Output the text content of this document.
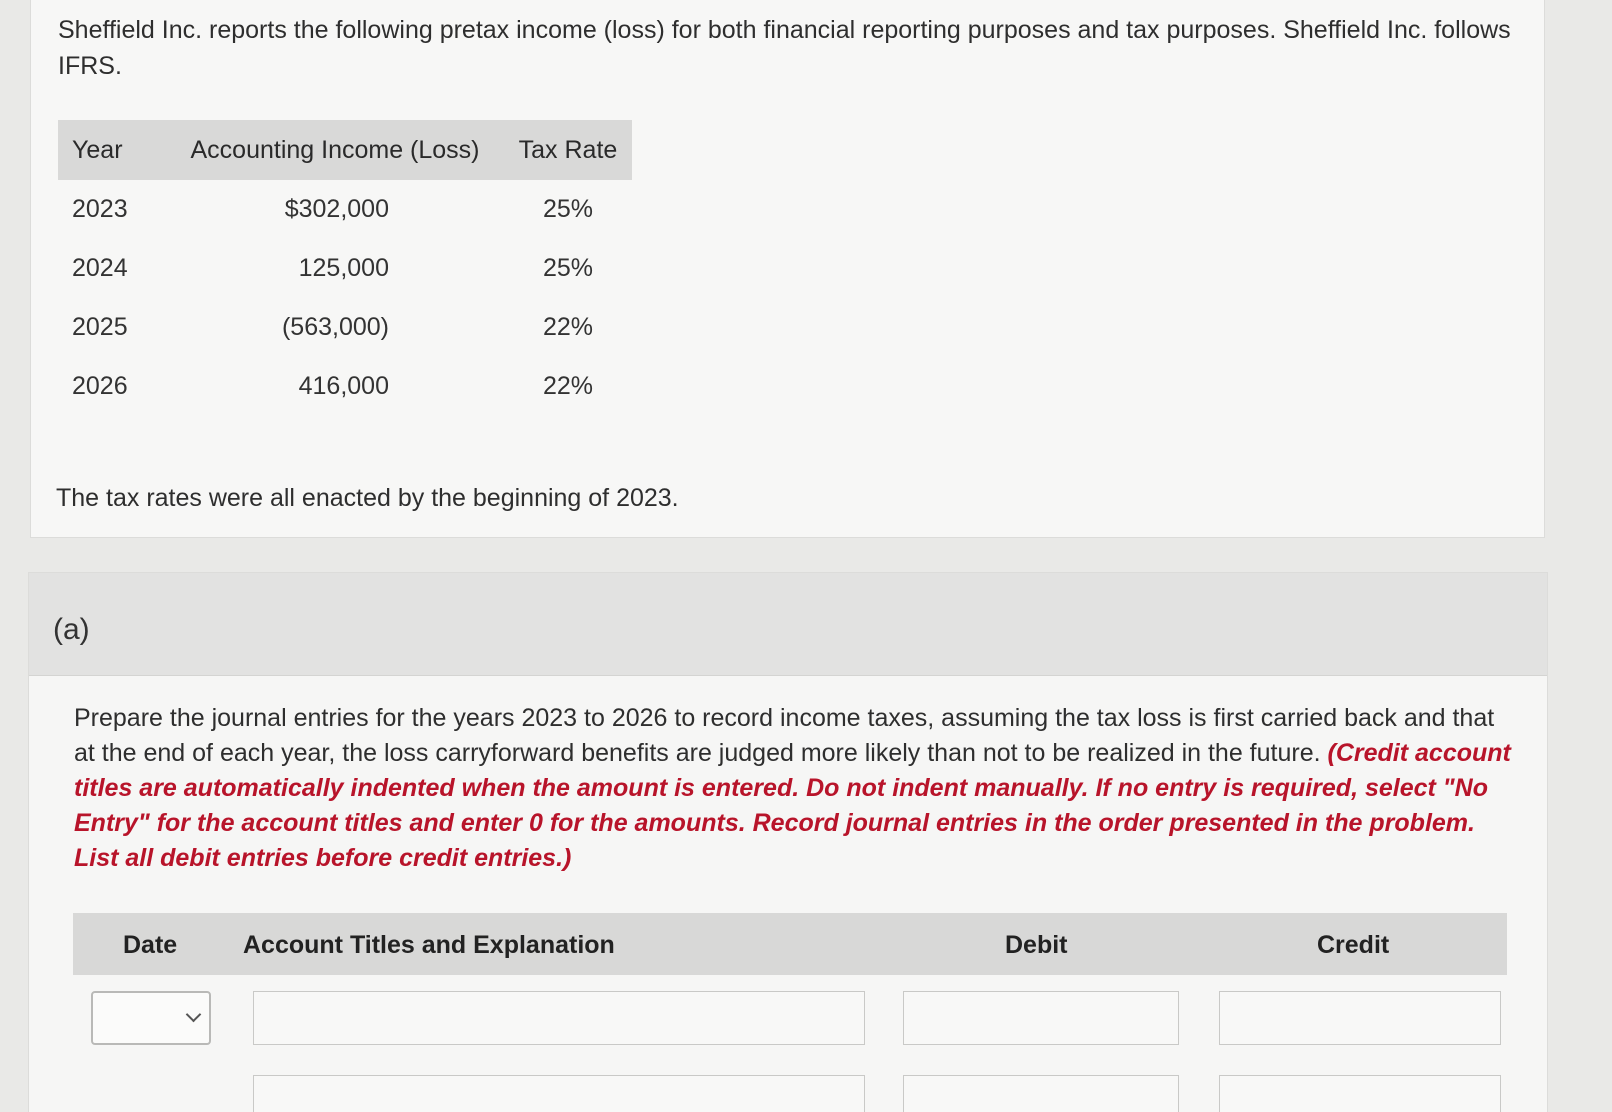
Sheffield Inc. reports the following pretax income (loss) for both financial reporting purposes and tax purposes. Sheffield Inc. follows IFRS.
Year	Accounting Income (Loss)	Tax Rate
2023	$302,000	25%
2024	125,000	25%
2025	(563,000)	22%
2026	416,000	22%
The tax rates were all enacted by the beginning of 2023.
(a)
Prepare the journal entries for the years 2023 to 2026 to record income taxes, assuming the tax loss is first carried back and that at the end of each year, the loss carryforward benefits are judged more likely than not to be realized in the future. (Credit account titles are automatically indented when the amount is entered. Do not indent manually. If no entry is required, select "No Entry" for the account titles and enter 0 for the amounts. Record journal entries in the order presented in the problem. List all debit entries before credit entries.)
Date	Account Titles and Explanation	Debit	Credit
